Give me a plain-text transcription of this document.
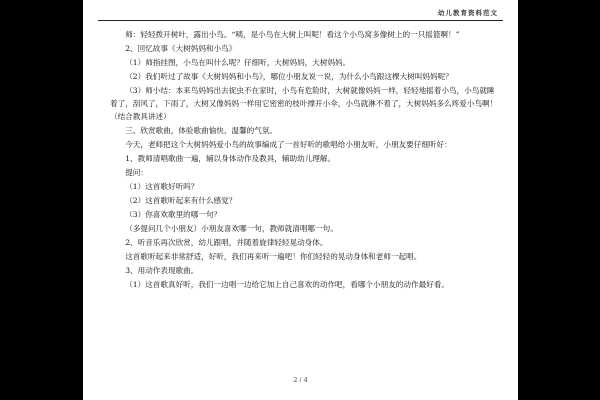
幼儿教育资料范文

师：轻轻拨开树叶，露出小鸟。“咦，是小鸟在大树上叫呢！看这个小鸟窝多像树上的一只摇篮啊！”

2、回忆故事《大树妈妈和小鸟》

（1）师指挂图，小鸟在叫什么呢？仔细听，大树妈妈，大树妈妈。

（2）我们听过了故事《大树妈妈和小鸟》，哪位小朋友说一说，为什么小鸟跟这棵大树叫妈妈呢？

（3）师小结：本来鸟妈妈出去捉虫不在家时，小鸟有危险时，大树就像妈妈一样，轻轻地摇着小鸟，小鸟就睡着了，刮风了，下雨了，大树又像妈妈一样用它密密的枝叶撑开小伞，小鸟就淋不着了，大树妈妈多么疼爱小鸟啊！（结合教具讲述）

三、欣赏歌曲，体验歌曲愉快、温馨的气氛。

今天，老师把这个大树妈妈爱小鸟的故事编成了一首好听的歌唱给小朋友听，小朋友要仔细听好：

1、教师清唱歌曲一遍，辅以身体动作及教具，辅助幼儿理解。

提问：

（1）这首歌好听吗？

（2）这首歌听起来有什么感觉？

（3）你喜欢歌里的哪一句？

（多提问几个小朋友）小朋友喜欢哪一句，教师就清唱哪一句。

2、听音乐再次欣赏，幼儿跟唱，并随着旋律轻轻晃动身体。

这首歌听起来非常舒适，好听，我们再来听一遍吧！你们轻轻的晃动身体和老师一起唱。

3、用动作表现歌曲。

（1）这首歌真好听，我们一边唱一边给它加上自己喜欢的动作吧，看哪个小朋友的动作最好看。

2 / 4
